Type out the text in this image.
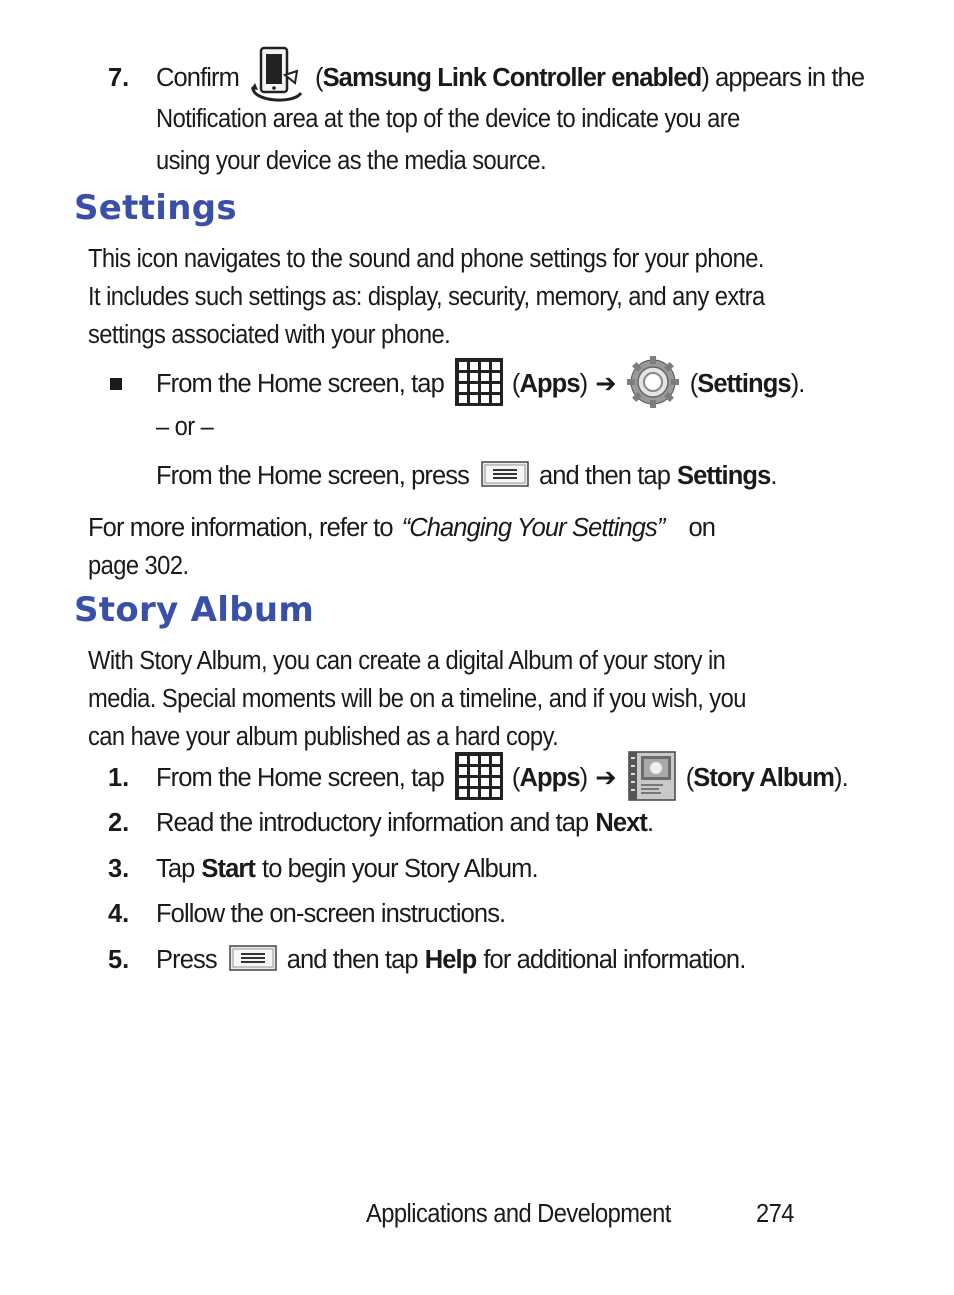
7. Confirm	( Samsung Link Controller enabled ) appears in the
Notification area at the top of the device to indicate you are
using your device as the media source.
Settings
This icon navigates to the sound and phone settings for your phone.
It includes such settings as: display, security, memory, and any extra
settings associated with your phone.
From the Home screen, tap	( Apps ) ➔	( Settings ).
– or –
From the Home screen, press	and then tap Settings .
For more information, refer to “Changing Your Settings” on
page 302.
Story Album
With Story Album, you can create a digital Album of your story in
media. Special moments will be on a timeline, and if you wish, you
can have your album published as a hard copy.
1. From the Home screen, tap	( Apps ) ➔	( Story Album ).
2. Read the introductory information and tap Next .
3. Tap Start to begin your Story Album.
4. Follow the on-screen instructions.
5. Press	and then tap Help for additional information.
Applications and Development	274
